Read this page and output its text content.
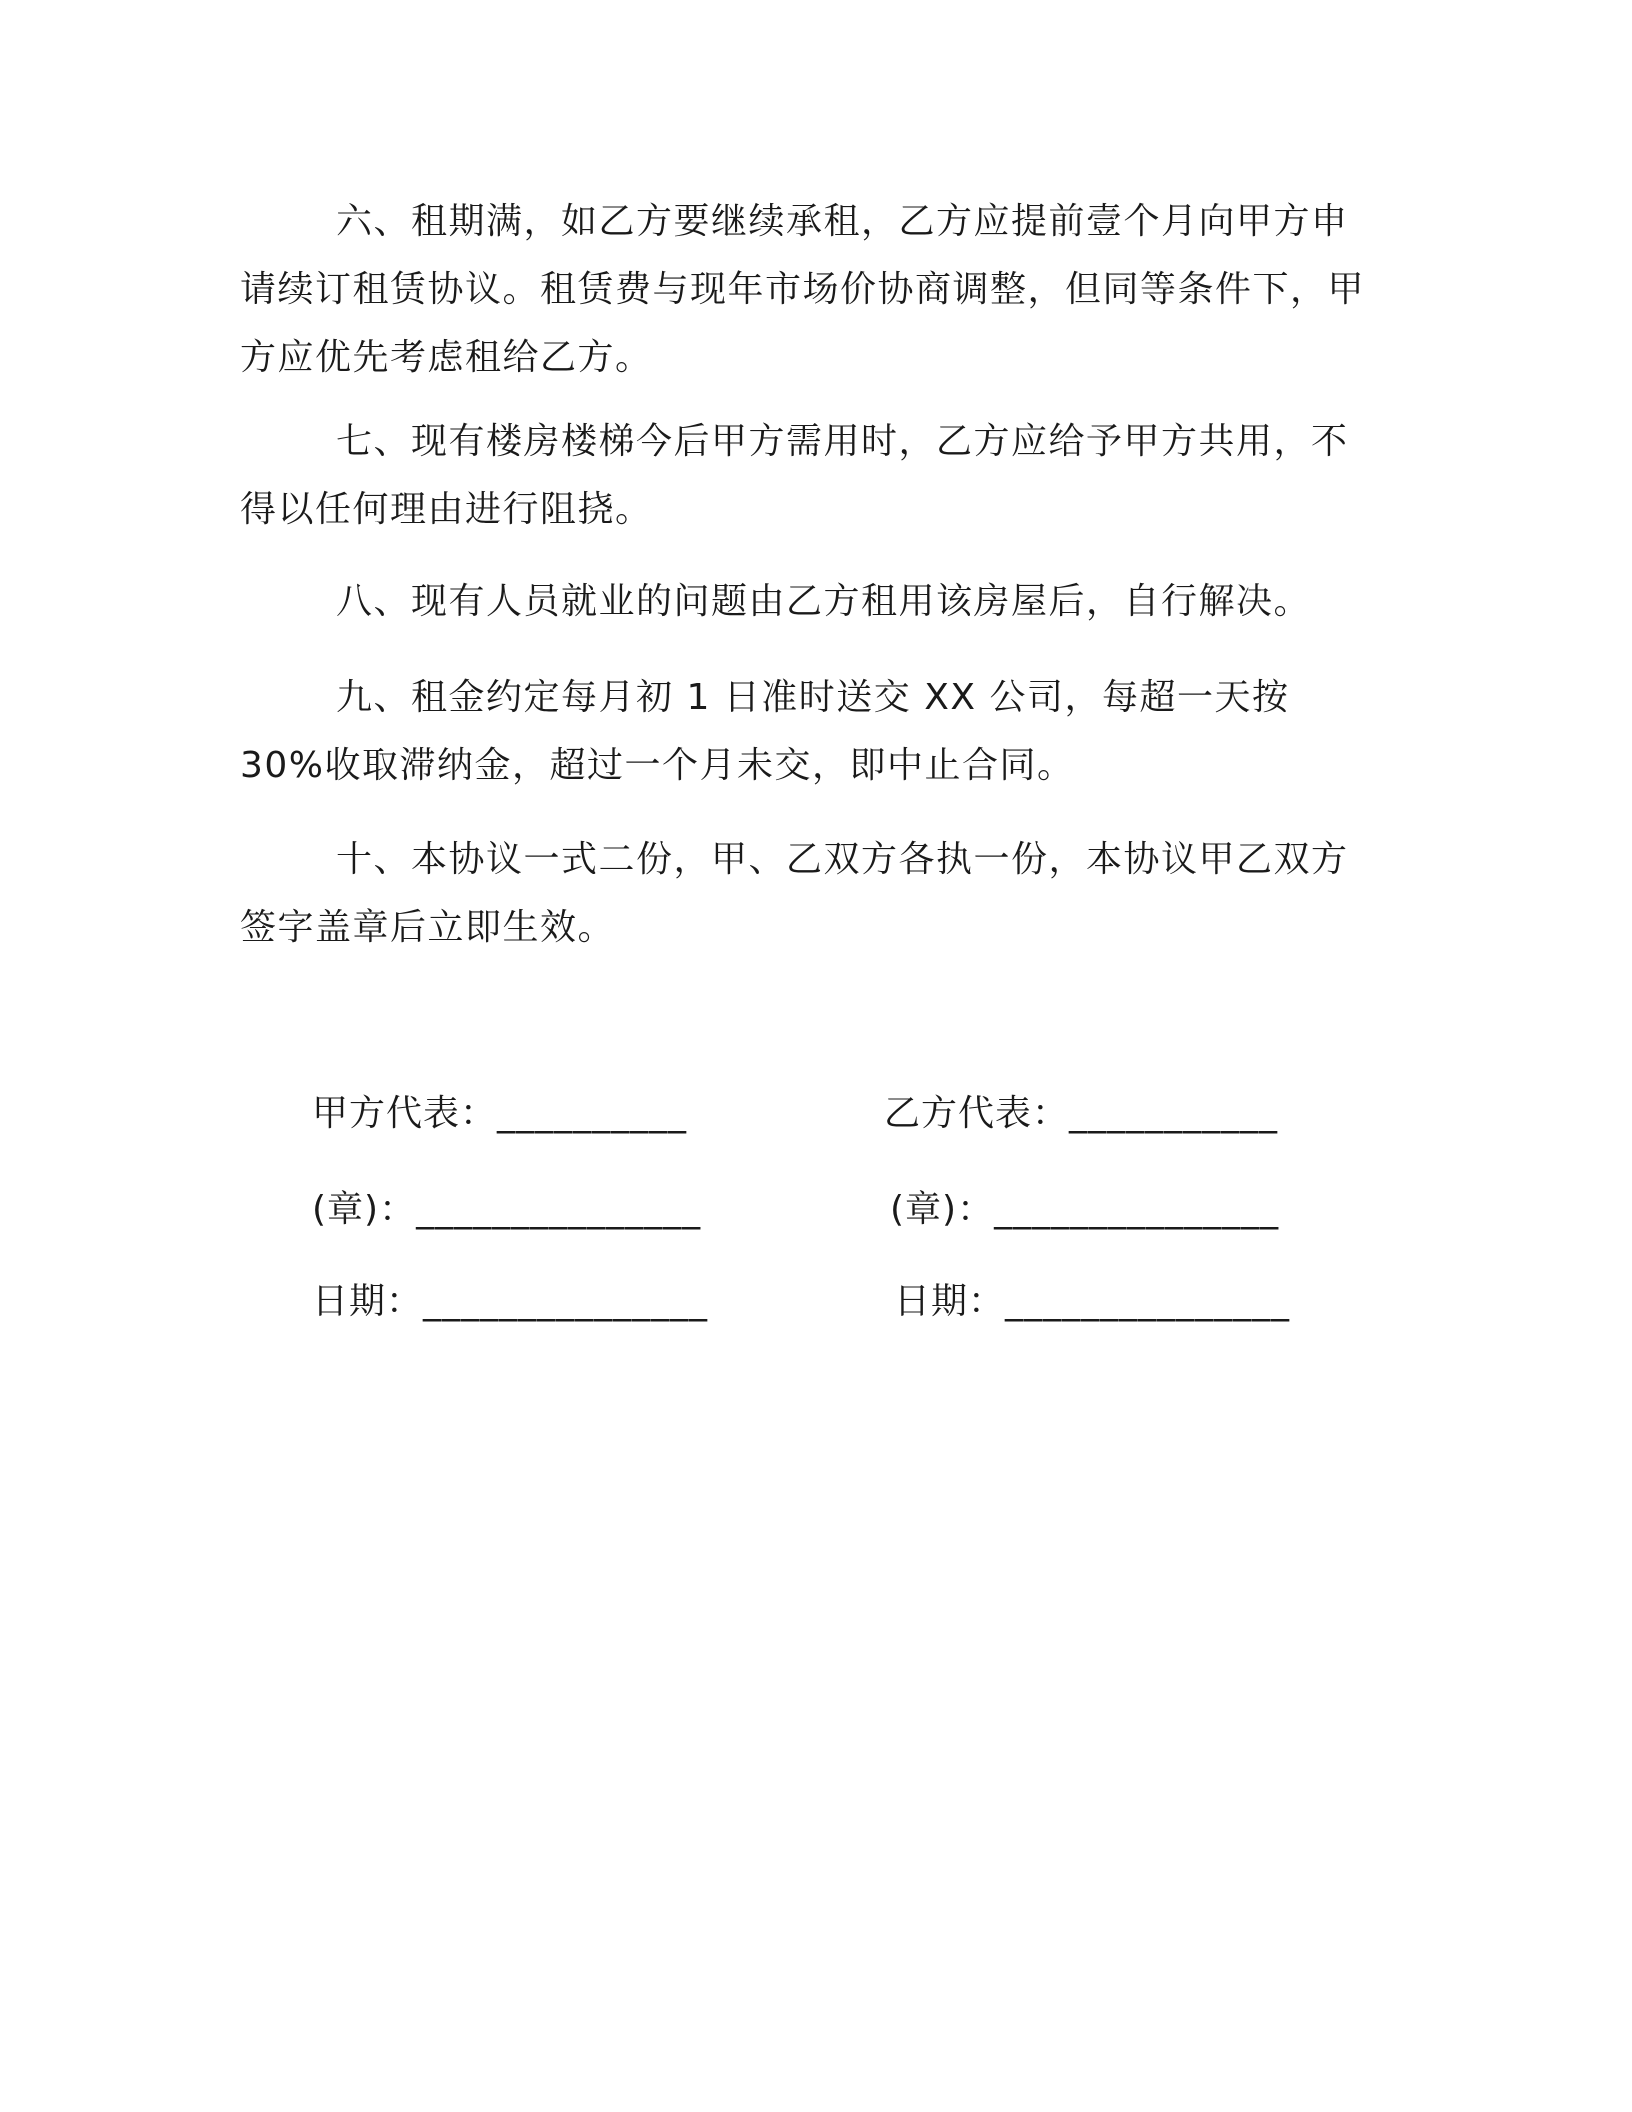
六、租期满，如乙方要继续承租，乙方应提前壹个月向甲方申请续订租赁协议。租赁费与现年市场价协商调整，但同等条件下，甲方应优先考虑租给乙方。

七、现有楼房楼梯今后甲方需用时，乙方应给予甲方共用，不得以任何理由进行阻挠。

八、现有人员就业的问题由乙方租用该房屋后，自行解决。

九、租金约定每月初 1 日准时送交 XX 公司，每超一天按 30%收取滞纳金，超过一个月未交，即中止合同。

十、本协议一式二份，甲、乙双方各执一份，本协议甲乙双方签字盖章后立即生效。

甲方代表：__________	乙方代表：___________
(章)：_______________	(章)：_______________
日期：_______________	日期：_______________
